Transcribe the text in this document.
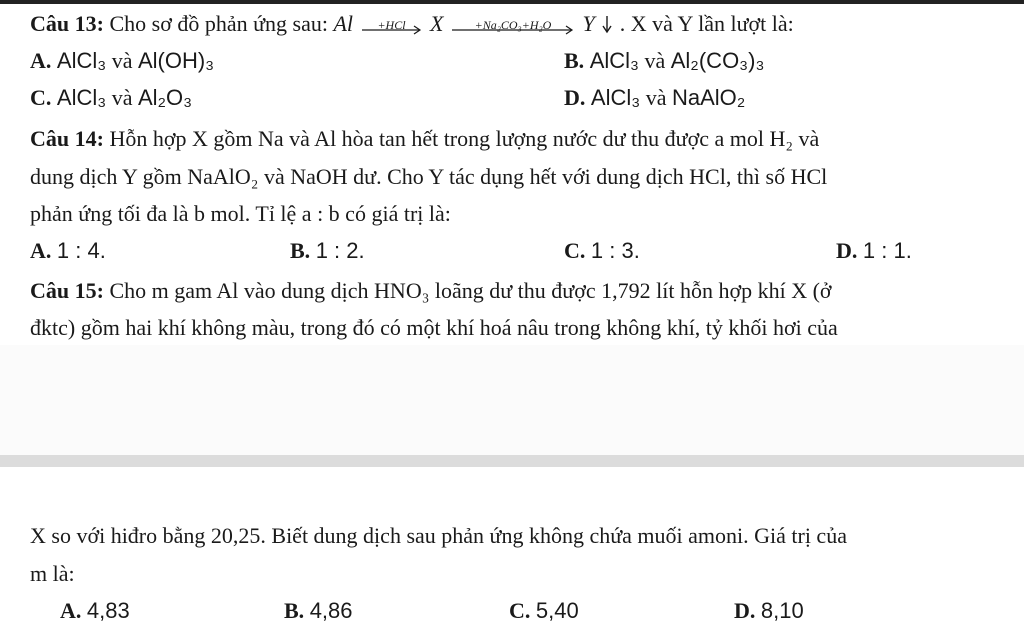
Câu 13: Cho sơ đồ phản ứng sau: Al	+HCl	X	+Na₂CO₃+H₂O	Y . X và Y lần lượt là:
A. AlCl₃ và Al(OH)₃	B. AlCl₃ và Al₂(CO₃)₃
C. AlCl₃ và Al₂O₃	D. AlCl₃ và NaAlO₂
Câu 14: Hỗn hợp X gồm Na và Al hòa tan hết trong lượng nước dư thu được a mol H₂ và
dung dịch Y gồm NaAlO₂ và NaOH dư. Cho Y tác dụng hết với dung dịch HCl, thì số HCl
phản ứng tối đa là b mol. Tỉ lệ a : b có giá trị là:
A. 1 : 4.	B. 1 : 2.	C. 1 : 3.	D. 1 : 1.
Câu 15: Cho m gam Al vào dung dịch HNO₃ loãng dư thu được 1,792 lít hỗn hợp khí X (ở
đktc) gồm hai khí không màu, trong đó có một khí hoá nâu trong không khí, tỷ khối hơi của
X so với hiđro bằng 20,25. Biết dung dịch sau phản ứng không chứa muối amoni. Giá trị của
m là:
A. 4,83	B. 4,86	C. 5,40	D. 8,10
